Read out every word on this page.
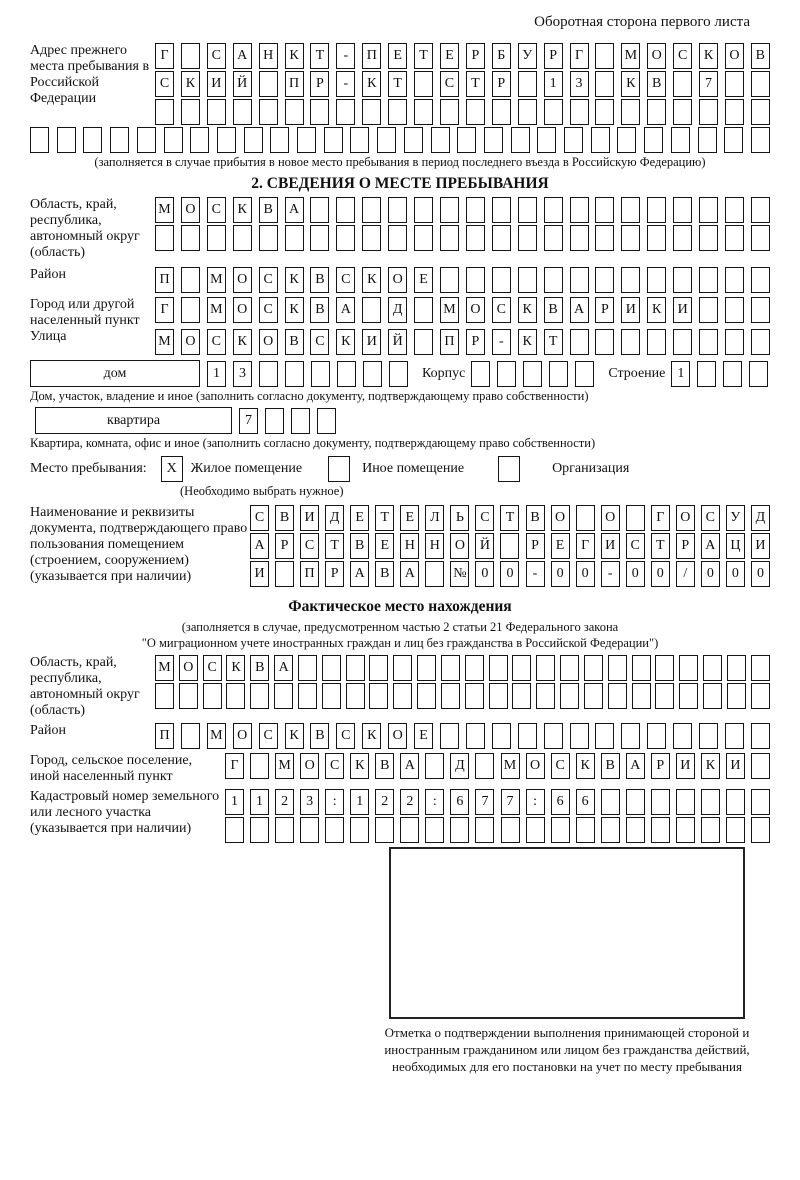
Оборотная сторона первого листа
Адрес прежнего места пребывания в Российской Федерации
Г	С	А	Н	К	Т	-	П	Е	Т	Е	Р	Б	У	Р	Г	М	О	С	К	О	В
С	К	И	Й	П	Р	-	К	Т	С	Т	Р	1	3	К	В	7
(заполняется в случае прибытия в новое место пребывания в период последнего въезда в Российскую Федерацию)
2. СВЕДЕНИЯ О МЕСТЕ ПРЕБЫВАНИЯ
Область, край, республика, автономный округ (область)
М	О	С	К	В	А
Район	П	М	О	С	К	В	С	К	О	Е
Город или другой населенный пункт
Г	М	О	С	К	В	А	Д	М	О	С	К	В	А	Р	И	К	И
Улица	М	О	С	К	О	В	С	К	И	Й	П	Р	-	К	Т
дом	1	3	Корпус	Строение 1
Дом, участок, владение и иное (заполнить согласно документу, подтверждающему право собственности)
квартира	7
Квартира, комната, офис и иное (заполнить согласно документу, подтверждающему право собственности)
Место пребывания:	X Жилое помещение	Иное помещение	Организация
(Необходимо выбрать нужное)
Наименование и реквизиты документа, подтверждающего право пользования помещением (строением, сооружением) (указывается при наличии)
С	В	И	Д	Е	Т	Е	Л	Ь	С	Т	В	О	О	Г	О	С	У	Д
А	Р	С	Т	В	Е	Н	Н	О	Й	Р	Е	Г	И	С	Т	Р	А	Ц	И
И	П	Р	А	В	А	№	0	0	-	0	0	-	0	0	/	0	0	0
Фактическое место нахождения
(заполняется в случае, предусмотренном частью 2 статьи 21 Федерального закона
"О миграционном учете иностранных граждан и лиц без гражданства в Российской Федерации")
Область, край, республика, автономный округ (область)
М О	С	К	В	А
Район	П	М	О	С	К	В	С	К	О	Е
Город, сельское поселение, иной населенный пункт
Г	М О	С	К	В	А	Д	М О	С	К	В	А	Р	И	К	И
Кадастровый номер земельного или лесного участка (указывается при наличии)
1	1	2	3	:	1	2	2	:	6	7	7	:	6	6
Отметка о подтверждении выполнения принимающей стороной и иностранным гражданином или лицом без гражданства действий, необходимых для его постановки на учет по месту пребывания
